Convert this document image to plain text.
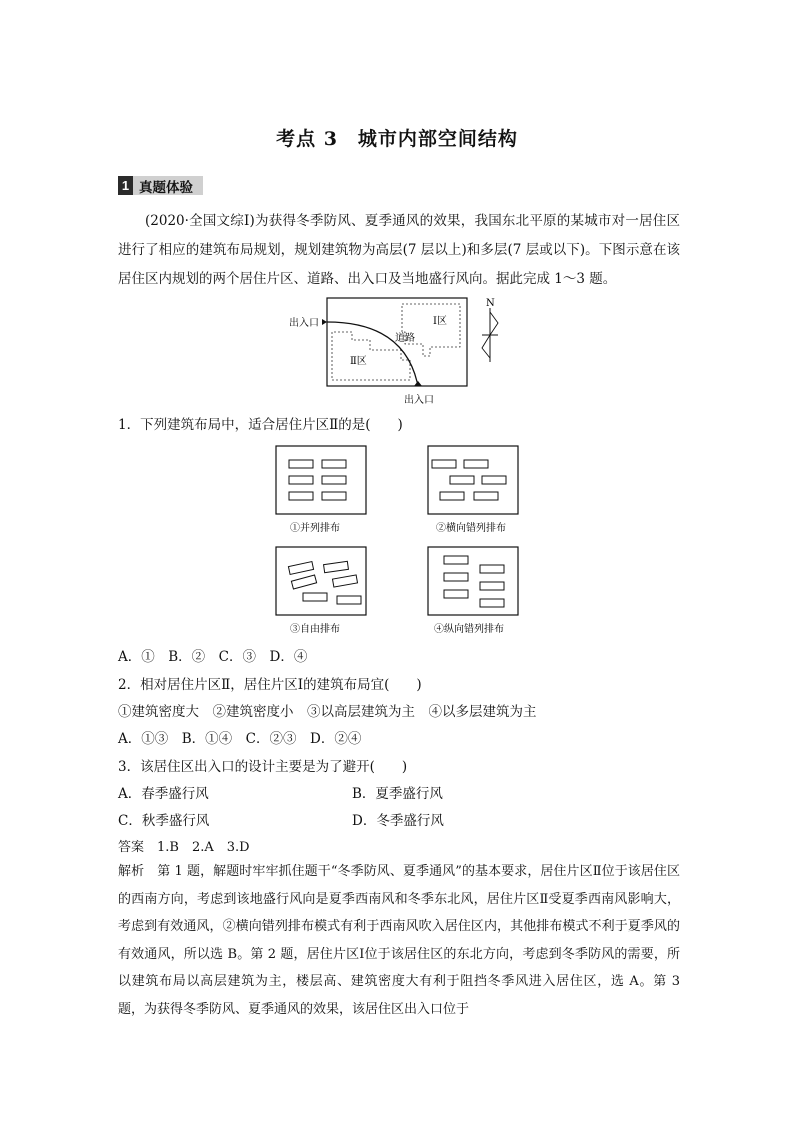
考点 3　城市内部空间结构
1 真题体验
(2020·全国文综Ⅰ)为获得冬季防风、夏季通风的效果，我国东北平原的某城市对一居住区进行了相应的建筑布局规划，规划建筑物为高层(7 层以上)和多层(7 层或以下)。下图示意在该居住区内规划的两个居住片区、道路、出入口及当地盛行风向。据此完成 1～3 题。
出入口
出入口
Ⅰ区
Ⅱ区
道路
N
1．下列建筑布局中，适合居住片区Ⅱ的是(　　)
①并列排布	②横向错列排布
③自由排布	④纵向错列排布
A．①　B．②　C．③　D．④
2．相对居住片区Ⅱ，居住片区Ⅰ的建筑布局宜(　　)
①建筑密度大　②建筑密度小　③以高层建筑为主　④以多层建筑为主
A．①③　B．①④　C．②③　D．②④
3．该居住区出入口的设计主要是为了避开(　　)
A．春季盛行风	B．夏季盛行风
C．秋季盛行风	D．冬季盛行风
答案　1.B　2.A　3.D
解析　第 1 题，解题时牢牢抓住题干“冬季防风、夏季通风”的基本要求，居住片区Ⅱ位于该居住区的西南方向，考虑到该地盛行风向是夏季西南风和冬季东北风，居住片区Ⅱ受夏季西南风影响大，考虑到有效通风，②横向错列排布模式有利于西南风吹入居住区内，其他排布模式不利于夏季风的有效通风，所以选 B。第 2 题，居住片区Ⅰ位于该居住区的东北方向，考虑到冬季防风的需要，所以建筑布局以高层建筑为主，楼层高、建筑密度大有利于阻挡冬季风进入居住区，选 A。第 3 题，为获得冬季防风、夏季通风的效果，该居住区出入口位于
